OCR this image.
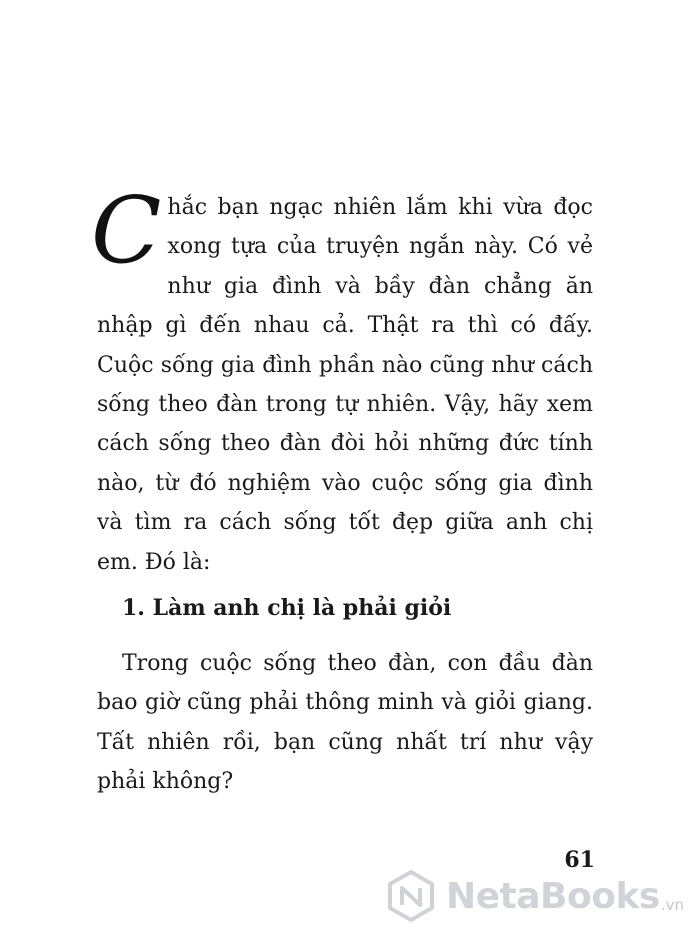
Chắc bạn ngạc nhiên lắm khi vừa đọc xong tựa của truyện ngắn này. Có vẻ như gia đình và bầy đàn chẳng ăn nhập gì đến nhau cả. Thật ra thì có đấy. Cuộc sống gia đình phần nào cũng như cách sống theo đàn trong tự nhiên. Vậy, hãy xem cách sống theo đàn đòi hỏi những đức tính nào, từ đó nghiệm vào cuộc sống gia đình và tìm ra cách sống tốt đẹp giữa anh chị em. Đó là:

1. Làm anh chị là phải giỏi

Trong cuộc sống theo đàn, con đầu đàn bao giờ cũng phải thông minh và giỏi giang. Tất nhiên rồi, bạn cũng nhất trí như vậy phải không?

61
NetaBooks .vn
